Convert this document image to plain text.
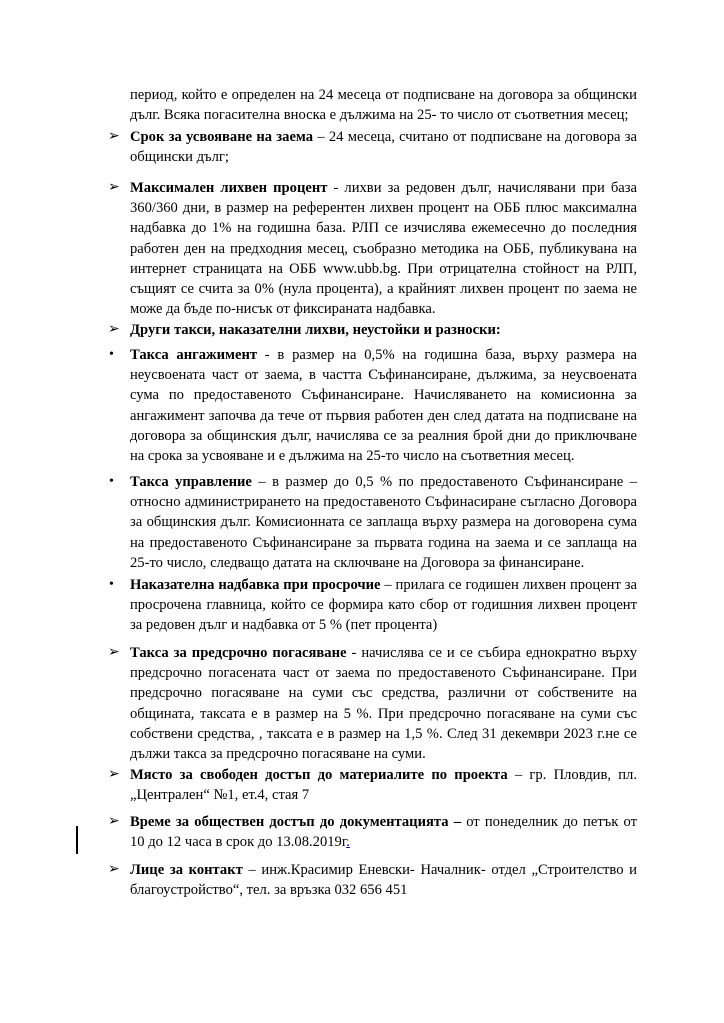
период, който е определен на 24 месеца от подписване на договора за общински дълг. Всяка погасителна вноска е дължима на 25- то число от съответния месец;
➢ Срок за усвояване на заема – 24 месеца, считано от подписване на договора за общински дълг;
➢ Максимален лихвен процент - лихви за редовен дълг, начислявани при база 360/360 дни, в размер на референтен лихвен процент на ОББ плюс максимална надбавка до 1% на годишна база. РЛП се изчислява ежемесечно до последния работен ден на предходния месец, съобразно методика на ОББ, публикувана на интернет страницата на ОББ www.ubb.bg. При отрицателна стойност на РЛП, същият се счита за 0% (нула процента), а крайният лихвен процент по заема не може да бъде по-нисък от фиксираната надбавка.
➢ Други такси, наказателни лихви, неустойки и разноски:
• Такса ангажимент - в размер на 0,5% на годишна база, върху размера на неусвоената част от заема, в частта Съфинансиране, дължима, за неусвоената сума по предоставеното Съфинансиране. Начисляването на комисионна за ангажимент започва да тече от първия работен ден след датата на подписване на договора за общинския дълг, начислява се за реалния брой дни до приключване на срока за усвояване и е дължима на 25-то число на съответния месец.
• Такса управление – в размер до 0,5 % по предоставеното Съфинансиране – относно администрирането на предоставеното Съфинасиране съгласно Договора за общинския дълг. Комисионната се заплаща върху размера на договорена сума на предоставеното Съфинансиране за първата година на заема и се заплаща на 25-то число, следващо датата на сключване на Договора за финансиране.
• Наказателна надбавка при просрочие – прилага се годишен лихвен процент за просрочена главница, който се формира като сбор от годишния лихвен процент за редовен дълг и надбавка от 5 % (пет процента)
➢ Такса за предсрочно погасяване - начислява се и се събира еднократно върху предсрочно погасената част от заема по предоставеното Съфинансиране. При предсрочно погасяване на суми със средства, различни от собствените на общината, таксата е в размер на 5 %. При предсрочно погасяване на суми със собствени средства, , таксата е в размер на 1,5 %. След 31 декември 2023 г.не се дължи такса за предсрочно погасяване на суми.
➢ Място за свободен достъп до материалите по проекта – гр. Пловдив, пл. „Централен“ №1, ет.4, стая 7
➢ Време за обществен достъп до документацията – от понеделник до петък от 10 до 12 часа в срок до 13.08.2019г.
➢ Лице за контакт – инж.Красимир Еневски- Началник- отдел „Строителство и благоустройство“, тел. за връзка 032 656 451
